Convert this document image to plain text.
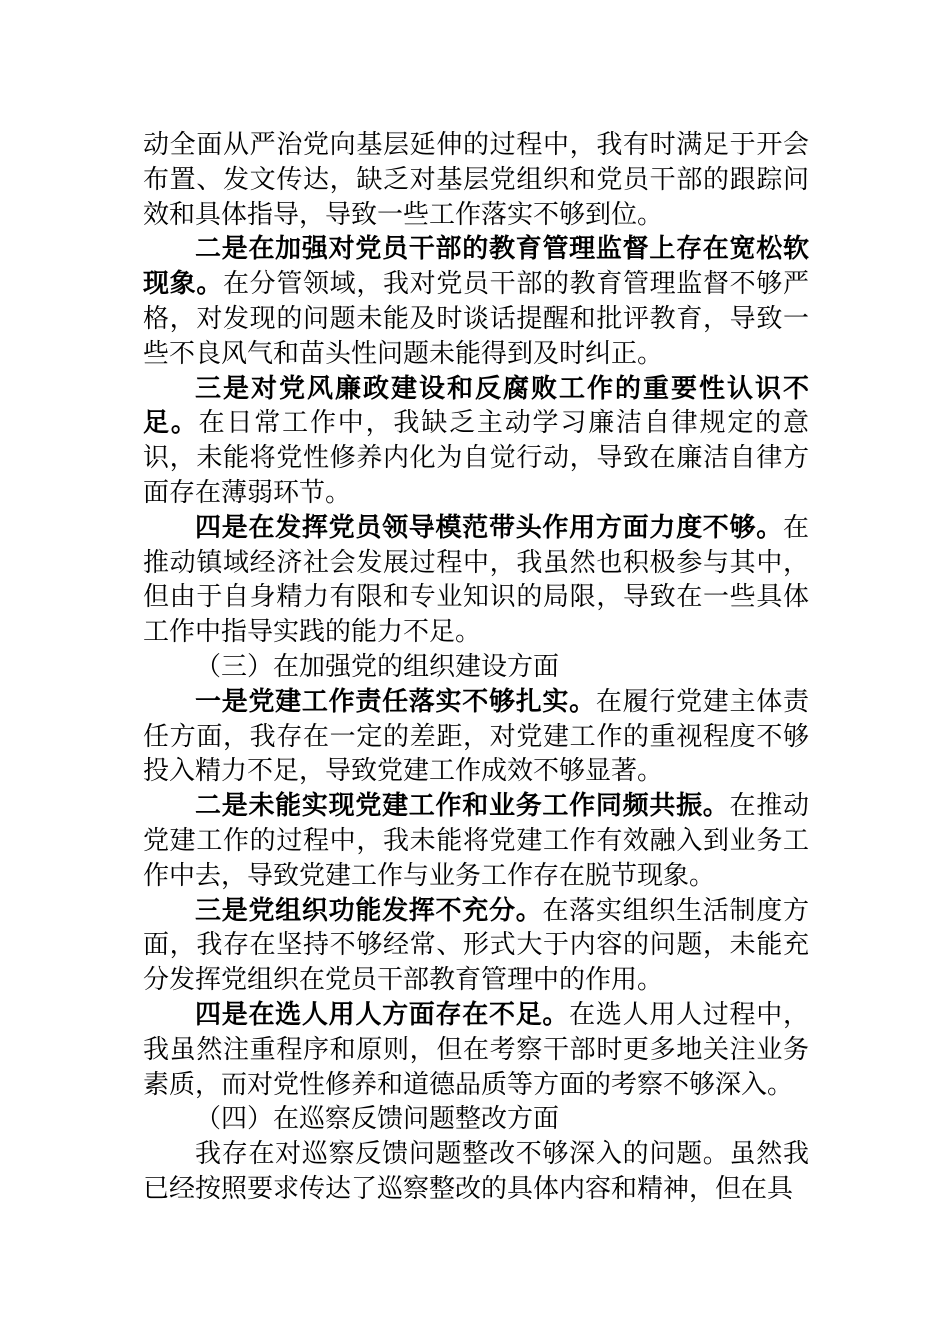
动全面从严治党向基层延伸的过程中，我有时满足于开会布置、发文传达，缺乏对基层党组织和党员干部的跟踪问效和具体指导，导致一些工作落实不够到位。

二是在加强对党员干部的教育管理监督上存在宽松软现象。在分管领域，我对党员干部的教育管理监督不够严格，对发现的问题未能及时谈话提醒和批评教育，导致一些不良风气和苗头性问题未能得到及时纠正。

三是对党风廉政建设和反腐败工作的重要性认识不足。在日常工作中，我缺乏主动学习廉洁自律规定的意识，未能将党性修养内化为自觉行动，导致在廉洁自律方面存在薄弱环节。

四是在发挥党员领导模范带头作用方面力度不够。在推动镇域经济社会发展过程中，我虽然也积极参与其中，但由于自身精力有限和专业知识的局限，导致在一些具体工作中指导实践的能力不足。

（三）在加强党的组织建设方面

一是党建工作责任落实不够扎实。在履行党建主体责任方面，我存在一定的差距，对党建工作的重视程度不够投入精力不足，导致党建工作成效不够显著。

二是未能实现党建工作和业务工作同频共振。在推动党建工作的过程中，我未能将党建工作有效融入到业务工作中去，导致党建工作与业务工作存在脱节现象。

三是党组织功能发挥不充分。在落实组织生活制度方面，我存在坚持不够经常、形式大于内容的问题，未能充分发挥党组织在党员干部教育管理中的作用。

四是在选人用人方面存在不足。在选人用人过程中，我虽然注重程序和原则，但在考察干部时更多地关注业务素质，而对党性修养和道德品质等方面的考察不够深入。

（四）在巡察反馈问题整改方面

我存在对巡察反馈问题整改不够深入的问题。虽然我已经按照要求传达了巡察整改的具体内容和精神，但在具
